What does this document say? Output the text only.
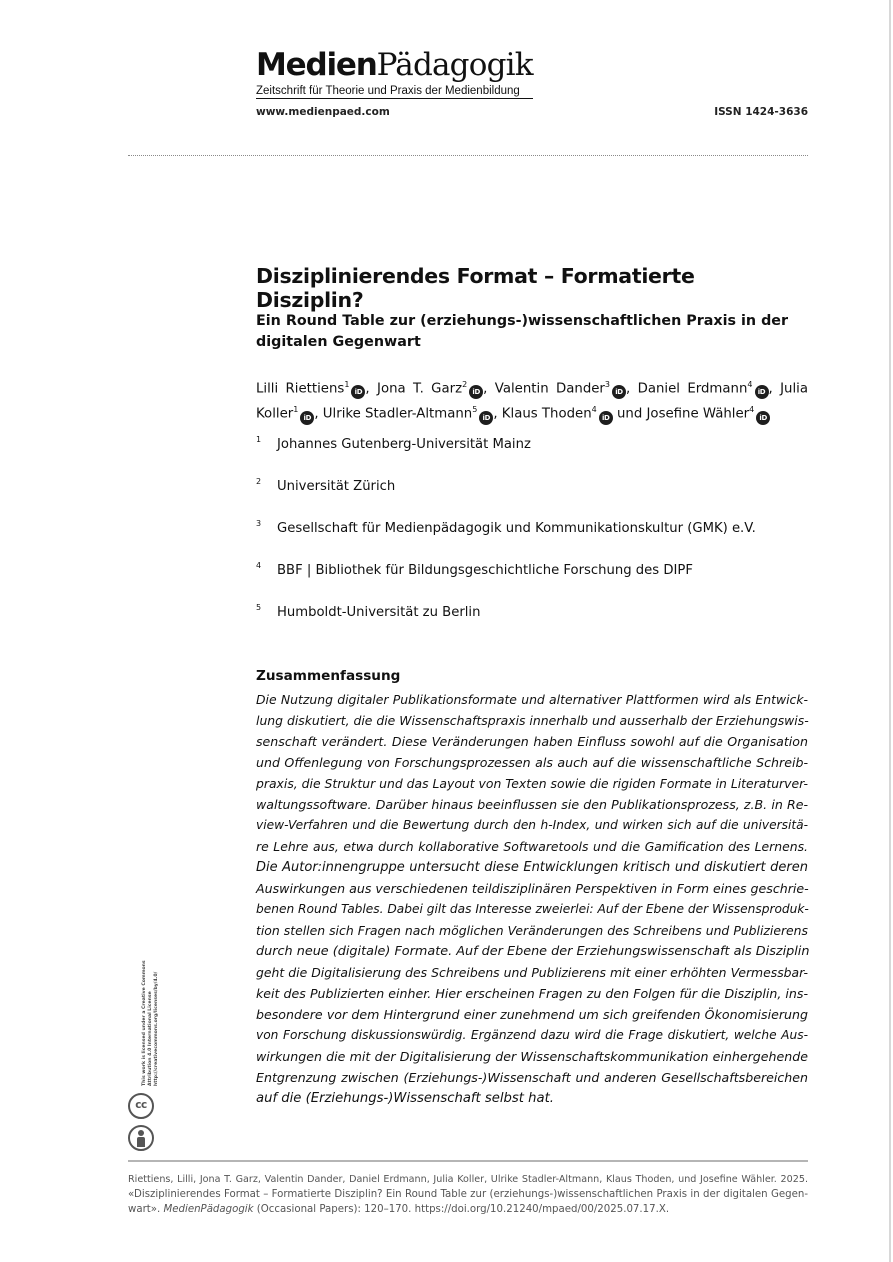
MedienPädagogik
Zeitschrift für Theorie und Praxis der Medienbildung
www.medienpaed.com	ISSN 1424-3636
Disziplinierendes Format – Formatierte Disziplin?
Ein Round Table zur (erziehungs-)wissenschaftlichen Praxis in der digitalen Gegenwart
Lilli Riettiens$^1$iD , Jona T. Garz$^2$iD , Valentin Dander$^3$iD , Daniel Erdmann$^4$iD , Julia Koller$^1$iD , Ulrike Stadler-Altmann$^5$iD , Klaus Thoden$^4$iD und Josefine Wähler$^4$iD
1 Johannes Gutenberg-Universität Mainz
2 Universität Zürich
3 Gesellschaft für Medienpädagogik und Kommunikationskultur (GMK) e.V.
4 BBF | Bibliothek für Bildungsgeschichtliche Forschung des DIPF
5 Humboldt-Universität zu Berlin
Zusammenfassung
Die Nutzung digitaler Publikationsformate und alternativer Plattformen wird als Entwick-
lung diskutiert, die die Wissenschaftspraxis innerhalb und ausserhalb der Erziehungswis-
senschaft verändert. Diese Veränderungen haben Einfluss sowohl auf die Organisation
und Offenlegung von Forschungsprozessen als auch auf die wissenschaftliche Schreib-
praxis, die Struktur und das Layout von Texten sowie die rigiden Formate in Literaturver-
waltungssoftware. Darüber hinaus beeinflussen sie den Publikationsprozess, z.B. in Re-
view-Verfahren und die Bewertung durch den h-Index, und wirken sich auf die universitä-
re Lehre aus, etwa durch kollaborative Softwaretools und die Gamification des Lernens.
Die Autor:innengruppe untersucht diese Entwicklungen kritisch und diskutiert deren
Auswirkungen aus verschiedenen teildisziplinären Perspektiven in Form eines geschrie-
benen Round Tables. Dabei gilt das Interesse zweierlei: Auf der Ebene der Wissensproduk-
tion stellen sich Fragen nach möglichen Veränderungen des Schreibens und Publizierens
durch neue (digitale) Formate. Auf der Ebene der Erziehungswissenschaft als Disziplin
geht die Digitalisierung des Schreibens und Publizierens mit einer erhöhten Vermessbar-
keit des Publizierten einher. Hier erscheinen Fragen zu den Folgen für die Disziplin, ins-
besondere vor dem Hintergrund einer zunehmend um sich greifenden Ökonomisierung
von Forschung diskussionswürdig. Ergänzend dazu wird die Frage diskutiert, welche Aus-
wirkungen die mit der Digitalisierung der Wissenschaftskommunikation einhergehende
Entgrenzung zwischen (Erziehungs-)Wissenschaft und anderen Gesellschaftsbereichen
auf die (Erziehungs-)Wissenschaft selbst hat.
This work is licensed under a Creative Commons Attribution 4.0 International License http://creativecommons.org/licenses/by/4.0/
cc
Riettiens, Lilli, Jona T. Garz, Valentin Dander, Daniel Erdmann, Julia Koller, Ulrike Stadler-Altmann, Klaus Thoden, und Josefine Wähler. 2025.
«Disziplinierendes Format – Formatierte Disziplin? Ein Round Table zur (erziehungs-)wissenschaftlichen Praxis in der digitalen Gegen-
wart». MedienPädagogik (Occasional Papers): 120–170. https://doi.org/10.21240/mpaed/00/2025.07.17.X.
